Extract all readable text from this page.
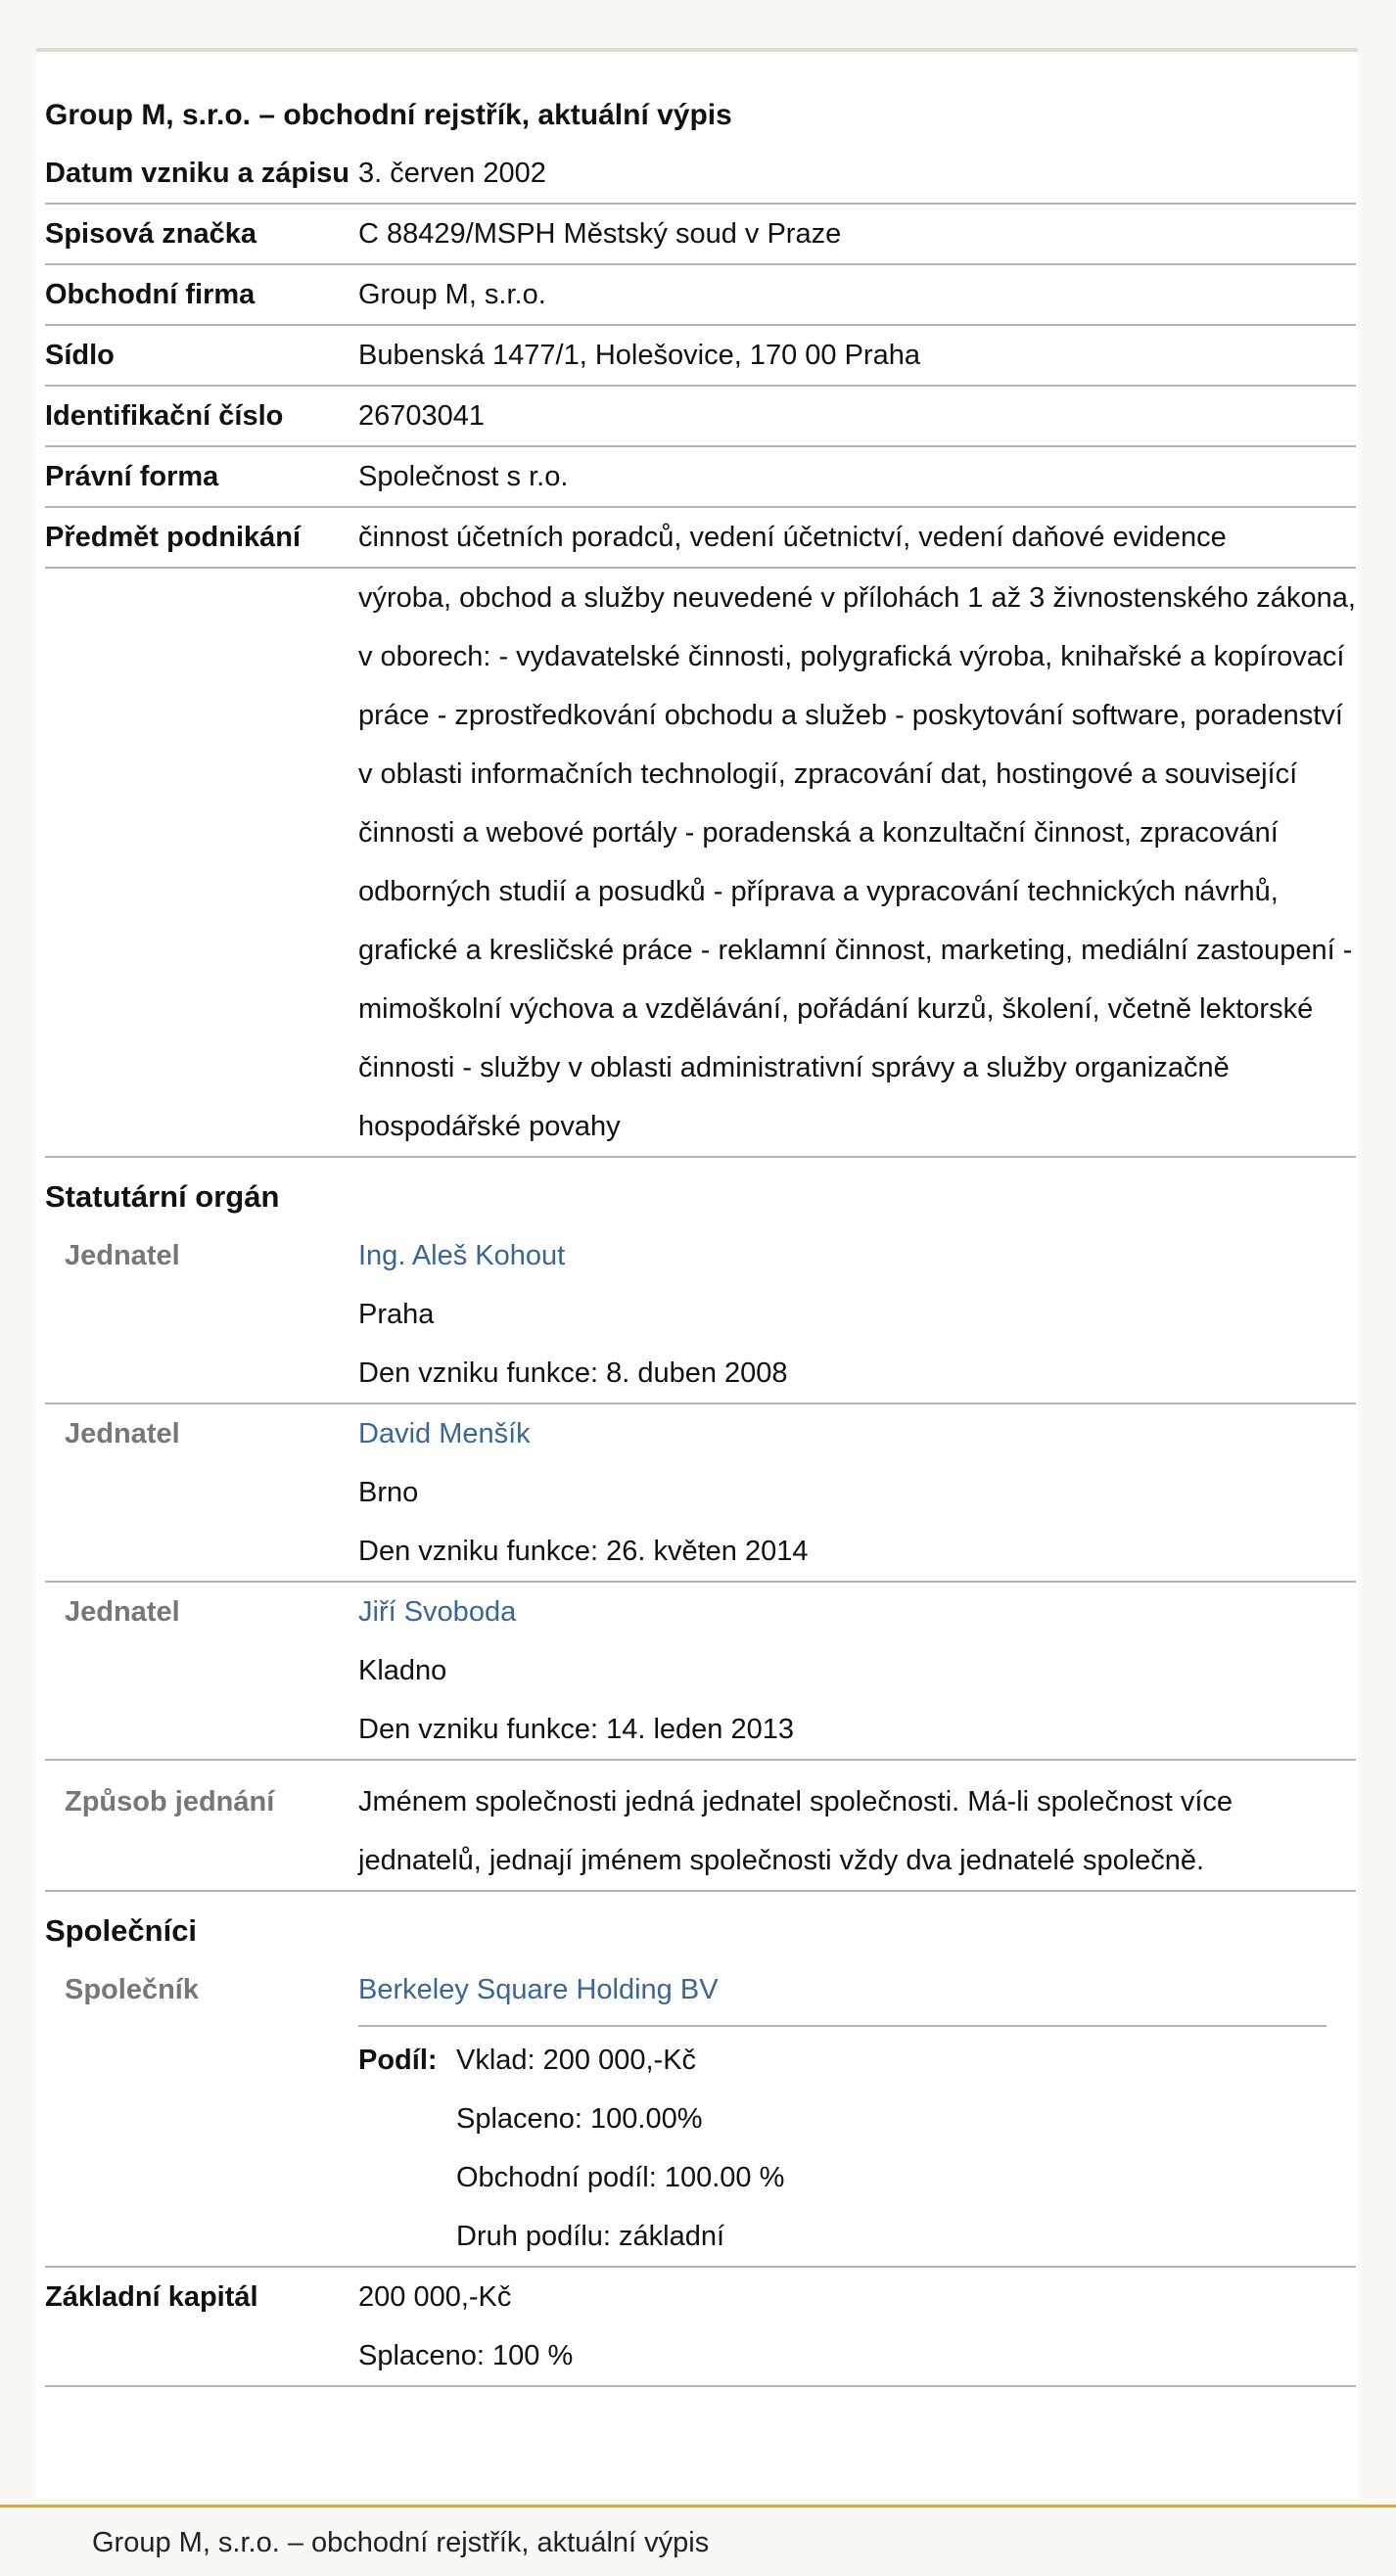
Group M, s.r.o. – obchodní rejstřík, aktuální výpis
Datum vzniku a zápisu 3. červen 2002
Spisová značka	C 88429/MSPH Městský soud v Praze
Obchodní firma	Group M, s.r.o.
Sídlo	Bubenská 1477/1, Holešovice, 170 00 Praha
Identifikační číslo	26703041
Právní forma	Společnost s r.o.
Předmět podnikání	činnost účetních poradců, vedení účetnictví, vedení daňové evidence
výroba, obchod a služby neuvedené v přílohách 1 až 3 živnostenského zákona, v oborech: - vydavatelské činnosti, polygrafická výroba, knihařské a kopírovací práce - zprostředkování obchodu a služeb - poskytování software, poradenství v oblasti informačních technologií, zpracování dat, hostingové a související činnosti a webové portály - poradenská a konzultační činnost, zpracování odborných studií a posudků - příprava a vypracování technických návrhů, grafické a kresličské práce - reklamní činnost, marketing, mediální zastoupení - mimoškolní výchova a vzdělávání, pořádání kurzů, školení, včetně lektorské činnosti - služby v oblasti administrativní správy a služby organizačně hospodářské povahy
Statutární orgán
Jednatel	Ing. Aleš Kohout
Praha
Den vzniku funkce: 8. duben 2008
Jednatel	David Menšík
Brno
Den vzniku funkce: 26. květen 2014
Jednatel	Jiří Svoboda
Kladno
Den vzniku funkce: 14. leden 2013
Způsob jednání	Jménem společnosti jedná jednatel společnosti. Má-li společnost více jednatelů, jednají jménem společnosti vždy dva jednatelé společně.
Společníci
Společník	Berkeley Square Holding BV
Podíl: Vklad: 200 000,-Kč
Splaceno: 100.00%
Obchodní podíl: 100.00 %
Druh podílu: základní
Základní kapitál	200 000,-Kč
Splaceno: 100 %
Group M, s.r.o. – obchodní rejstřík, aktuální výpis
